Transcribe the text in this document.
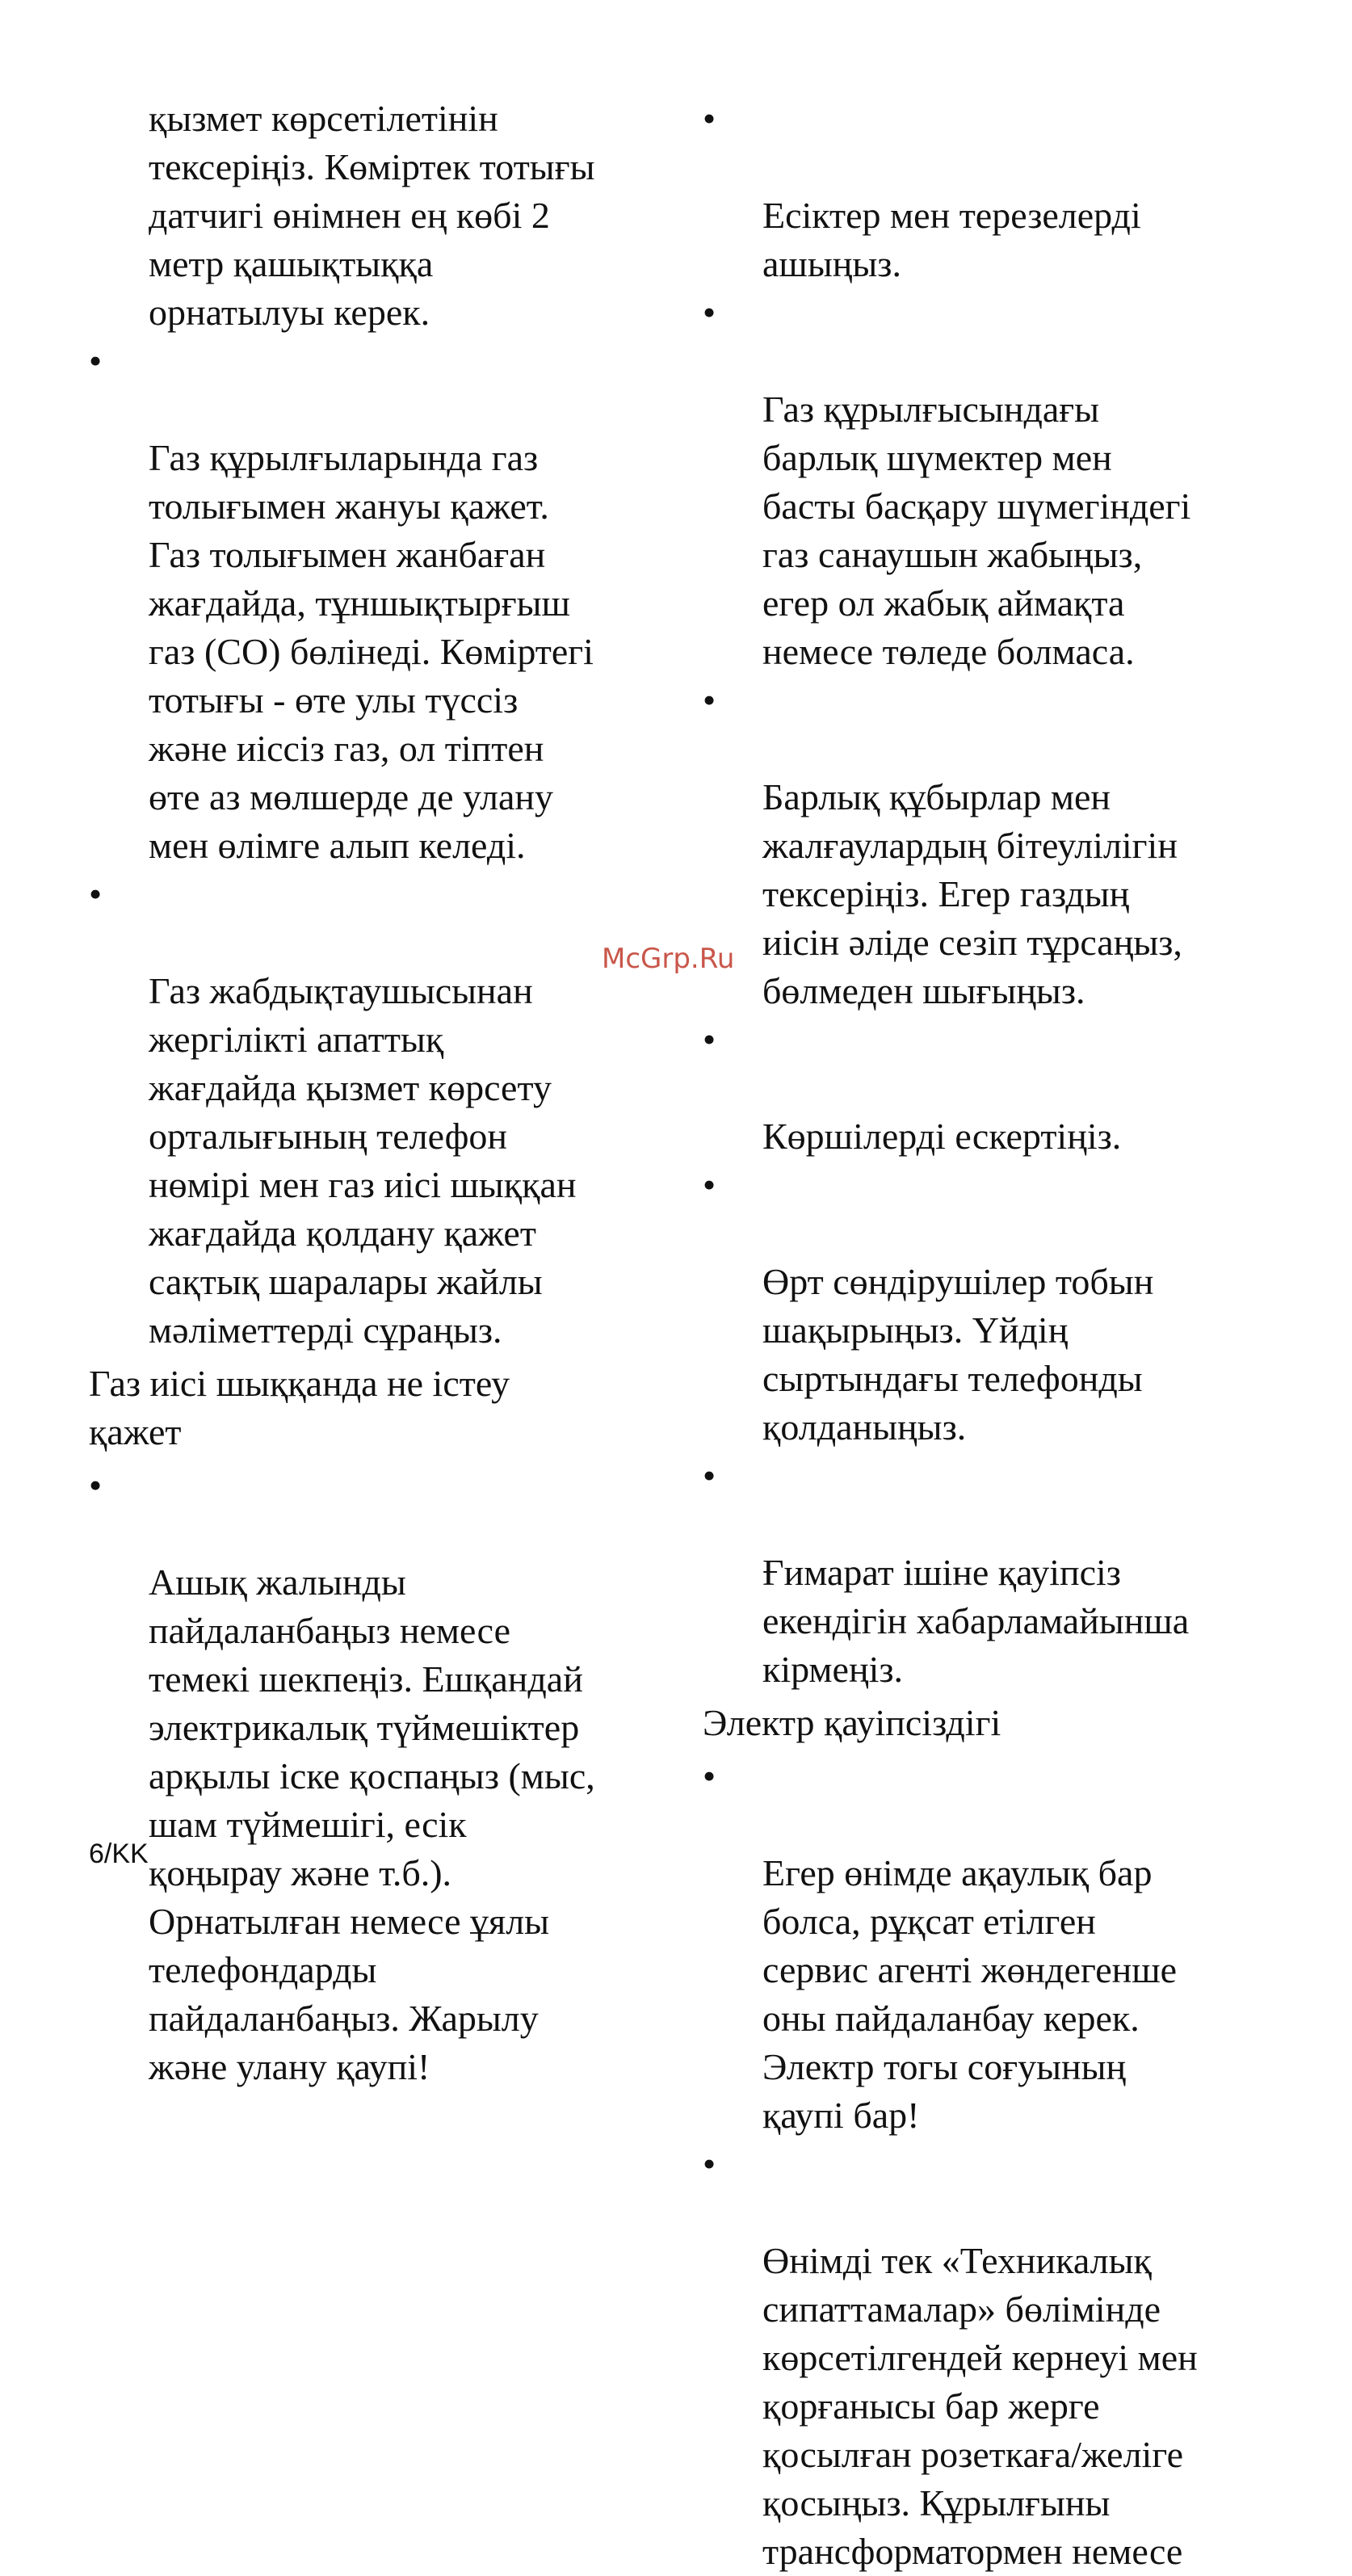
қызмет көрсетілетінін
тексеріңіз. Көміртек тотығы
датчигі өнімнен ең көбі 2
метр қашықтыққа
орнатылуы керек.

•

Газ құрылғыларында газ
толығымен жануы қажет.
Газ толығымен жанбаған
жағдайда, тұншықтырғыш
газ (СО) бөлінеді. Көміртегі
тотығы - өте улы түссіз
және иіссіз газ, ол тіптен
өте аз мөлшерде де улану
мен өлімге алып келеді.

•

Газ жабдықтаушысынан
жергілікті апаттық
жағдайда қызмет көрсету
орталығының телефон
нөмірі мен газ иісі шыққан
жағдайда қолдану қажет
сақтық шаралары жайлы
мәліметтерді сұраңыз.

Газ иісі шыққанда не істеу
қажет

•

Ашық жалынды
пайдаланбаңыз немесе
темекі шекпеңіз. Ешқандай
электрикалық түймешіктер
арқылы іске қоспаңыз (мыс,
шам түймешігі, есік
қоңырау және т.б.).
Орнатылған немесе ұялы
телефондарды
пайдаланбаңыз. Жарылу
және улану қаупі!

•

Есіктер мен терезелерді
ашыңыз.

•

Газ құрылғысындағы
барлық шүмектер мен
басты басқару шүмегіндегі
газ санаушын жабыңыз,
егер ол жабық аймақта
немесе төледе болмаса.

•

Барлық құбырлар мен
жалғаулардың бітеулілігін
тексеріңіз. Егер газдың
иісін әліде сезіп тұрсаңыз,
бөлмеден шығыңыз.

•

Көршілерді ескертіңіз.

•

Өрт сөндірушілер тобын
шақырыңыз. Үйдің
сыртындағы телефонды
қолданыңыз.

•

Ғимарат ішіне қауіпсіз
екендігін хабарламайынша
кірмеңіз.

Электр қауіпсіздігі

•

Егер өнімде ақаулық бар
болса, рұқсат етілген
сервис агенті жөндегенше
оны пайдаланбау керек.
Электр тогы соғуының
қаупі бар!

•

Өнімді тек «Техникалық
сипаттамалар» бөлімінде
көрсетілгендей кернеуі мен
қорғанысы бар жерге
қосылған розеткаға/желіге
қосыңыз. Құрылғыны
трансформатормен немесе

McGrp.Ru
6/KK
